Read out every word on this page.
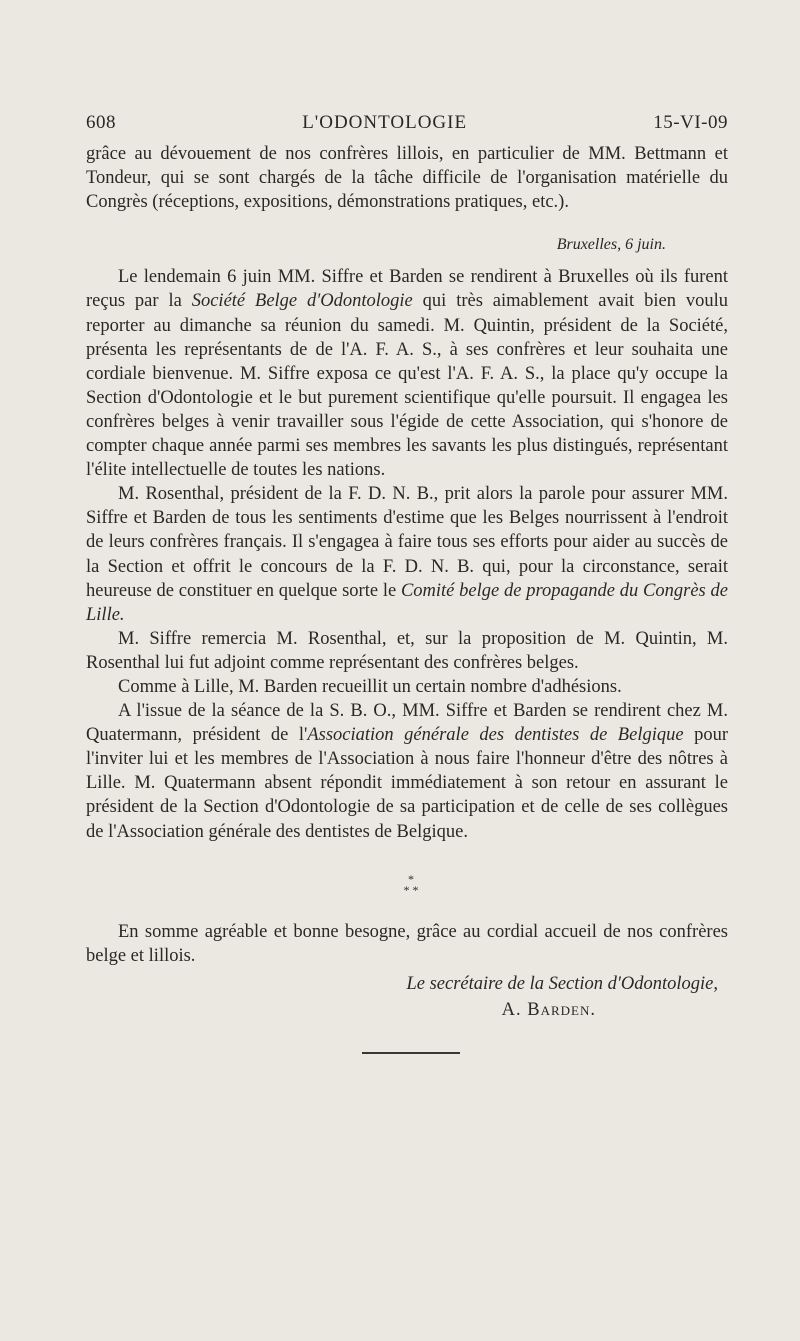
608	L'ODONTOLOGIE	15-VI-09

grâce au dévouement de nos confrères lillois, en particulier de MM. Bettmann et Tondeur, qui se sont chargés de la tâche difficile de l'organisation matérielle du Congrès (réceptions, expositions, démonstrations pratiques, etc.).

Bruxelles, 6 juin.

Le lendemain 6 juin MM. Siffre et Barden se rendirent à Bruxelles où ils furent reçus par la Société Belge d'Odontologie qui très aimablement avait bien voulu reporter au dimanche sa réunion du samedi. M. Quintin, président de la Société, présenta les représentants de de l'A. F. A. S., à ses confrères et leur souhaita une cordiale bienvenue. M. Siffre exposa ce qu'est l'A. F. A. S., la place qu'y occupe la Section d'Odontologie et le but purement scientifique qu'elle poursuit. Il engagea les confrères belges à venir travailler sous l'égide de cette Association, qui s'honore de compter chaque année parmi ses membres les savants les plus distingués, représentant l'élite intellectuelle de toutes les nations.

M. Rosenthal, président de la F. D. N. B., prit alors la parole pour assurer MM. Siffre et Barden de tous les sentiments d'estime que les Belges nourrissent à l'endroit de leurs confrères français. Il s'engagea à faire tous ses efforts pour aider au succès de la Section et offrit le concours de la F. D. N. B. qui, pour la circonstance, serait heureuse de constituer en quelque sorte le Comité belge de propagande du Congrès de Lille.

M. Siffre remercia M. Rosenthal, et, sur la proposition de M. Quintin, M. Rosenthal lui fut adjoint comme représentant des confrères belges.

Comme à Lille, M. Barden recueillit un certain nombre d'adhésions.

A l'issue de la séance de la S. B. O., MM. Siffre et Barden se rendirent chez M. Quatermann, président de l'Association générale des dentistes de Belgique pour l'inviter lui et les membres de l'Association à nous faire l'honneur d'être des nôtres à Lille. M. Quatermann absent répondit immédiatement à son retour en assurant le président de la Section d'Odontologie de sa participation et de celle de ses collègues de l'Association générale des dentistes de Belgique.

*
* *

En somme agréable et bonne besogne, grâce au cordial accueil de nos confrères belge et lillois.

Le secrétaire de la Section d'Odontologie,

A. Barden.
